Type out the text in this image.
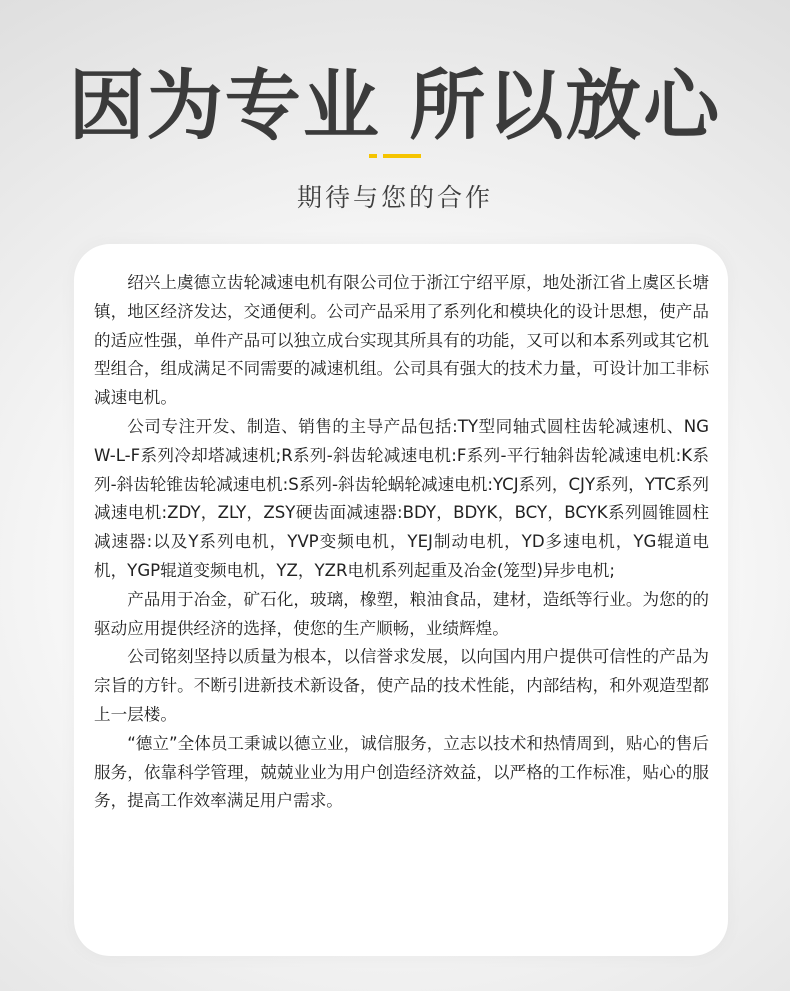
因为专业 所以放心
期待与您的合作

绍兴上虞德立齿轮减速电机有限公司位于浙江宁绍平原，地处浙江省上虞区长塘镇，地区经济发达，交通便利。公司产品采用了系列化和模块化的设计思想，使产品的适应性强，单件产品可以独立成台实现其所具有的功能，又可以和本系列或其它机型组合，组成满足不同需要的减速机组。公司具有强大的技术力量，可设计加工非标减速电机。

公司专注开发、制造、销售的主导产品包括:TY型同轴式圆柱齿轮减速机、NGW-L-F系列冷却塔减速机;R系列-斜齿轮减速电机:F系列-平行轴斜齿轮减速电机:K系列-斜齿轮锥齿轮减速电机:S系列-斜齿轮蜗轮减速电机:YCJ系列，CJY系列，YTC系列减速电机:ZDY，ZLY，ZSY硬齿面减速器:BDY，BDYK，BCY，BCYK系列圆锥圆柱减速器:以及Y系列电机，YVP变频电机，YEJ制动电机，YD多速电机，YG辊道电机，YGP辊道变频电机，YZ，YZR电机系列起重及冶金(笼型)异步电机;

产品用于冶金，矿石化，玻璃，橡塑，粮油食品，建材，造纸等行业。为您的的驱动应用提供经济的选择，使您的生产顺畅，业绩辉煌。

公司铭刻坚持以质量为根本，以信誉求发展，以向国内用户提供可信性的产品为宗旨的方针。不断引进新技术新设备，使产品的技术性能，内部结构，和外观造型都上一层楼。

“德立”全体员工秉诚以德立业，诚信服务，立志以技术和热情周到，贴心的售后服务，依靠科学管理，兢兢业业为用户创造经济效益，以严格的工作标准，贴心的服务，提高工作效率满足用户需求。
